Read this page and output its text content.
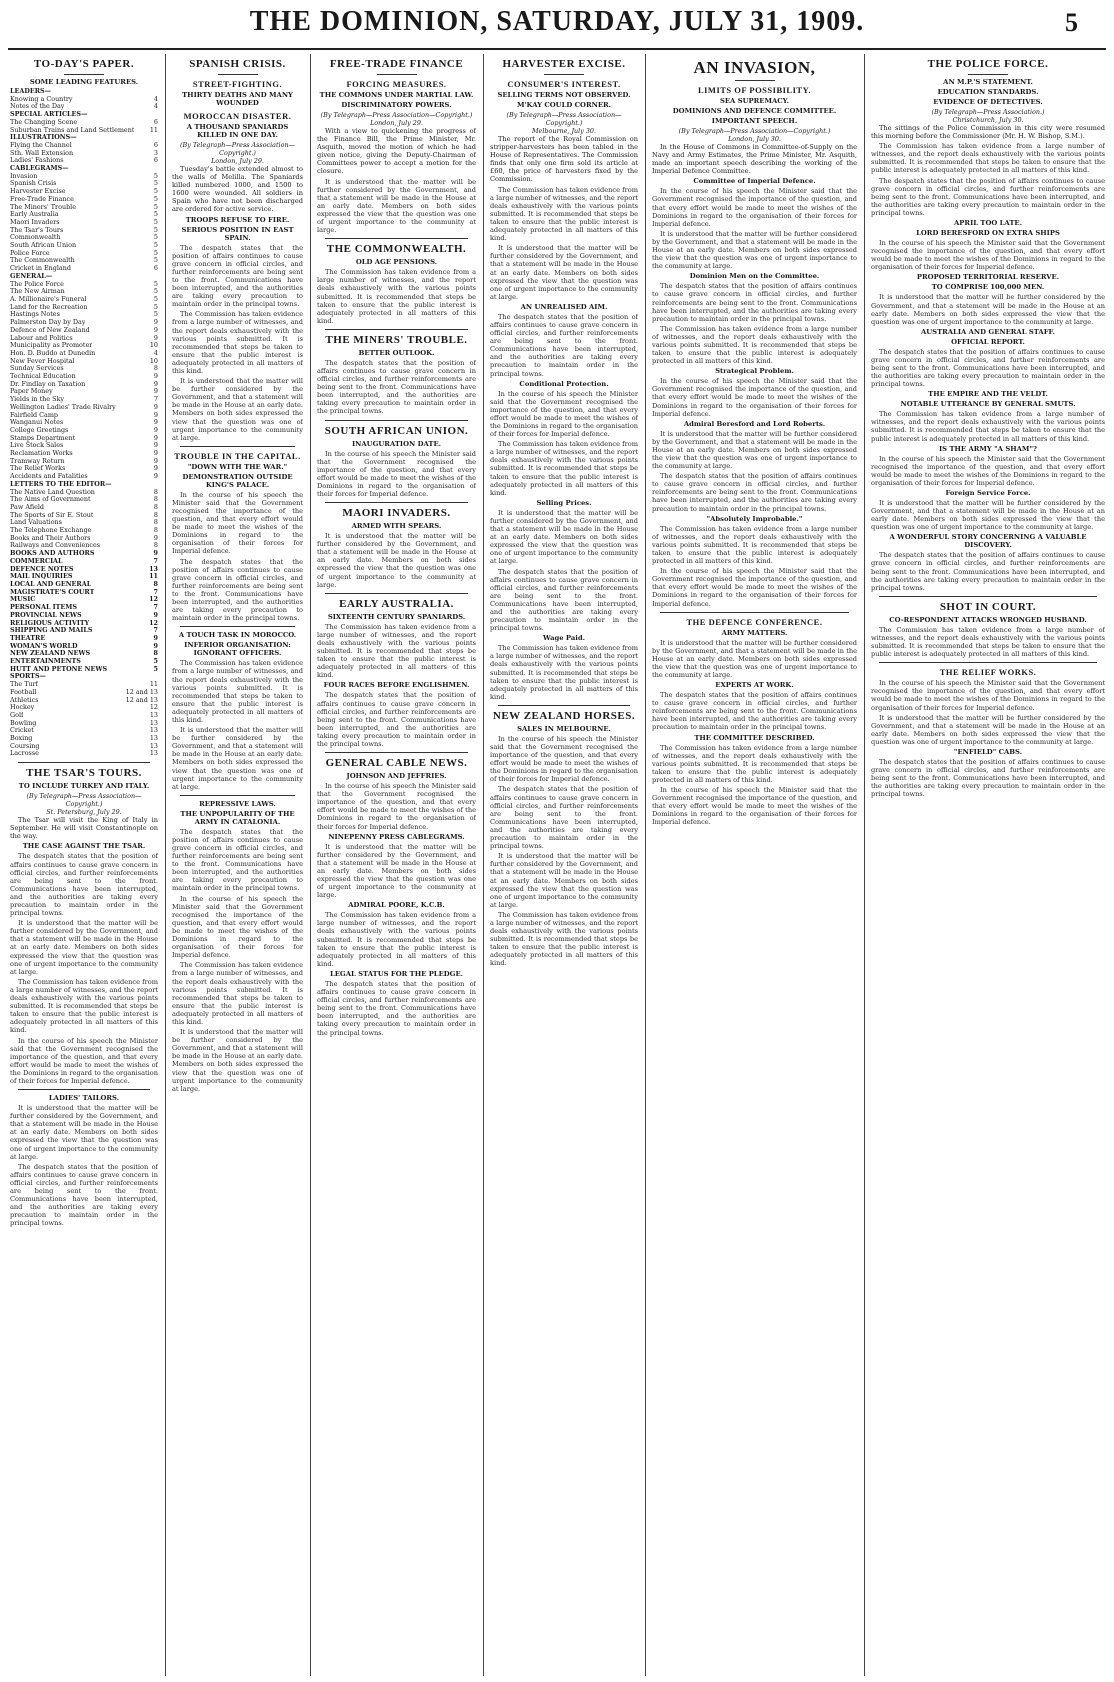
THE DOMINION, SATURDAY, JULY 31, 1909.	5
TO-DAY'S PAPER.
SOME LEADING FEATURES.
LEADERS—
Knowing a Country	4
Notes of the Day	4
SPECIAL ARTICLES—
The Changing Scene	6
Suburban Trains and Land Settlement 11
ILLUSTRATIONS—
Flying the Channel	6
Sth. Wall Extension	3
Ladies' Fashions	6
CABLEGRAMS—
Invasion	5
Spanish Crisis	5
Harvester Excise	5
Free-Trade Finance	5
The Miners' Trouble	5
Early Australia	5
Maori Invaders	5
The Tsar's Tours	5
Commonwealth	5
South African Union	5
Police Force	5
The Commonwealth	5
Cricket in England	6
GENERAL—
The Police Force	5
The New Airman	5
A. Millionaire's Funeral	5
Land for the Recreation	5
Hastings Notes	5
Palmerston Day by Day	9
Defence of New Zealand	9
Labour and Politics	9
Municipality as Promoter	10
Hon. D. Buddo at Dunedin	4
New Fever Hospital	10
Sunday Services	8
Technical Education	9
Dr. Findlay on Taxation	9
Paper Money	9
Yields in the Sky	7
Wellington Ladies' Trade Rivalry	9
Fairfield Camp	9
Wanganui Notes	9
College Greetings	9
Stamps Department	9
Live Stock Sales	9
Reclamation Works	9
Tramway Return	9
The Relief Works	9
Accidents and Fatalities	9
LETTERS TO THE EDITOR—
The Native Land Question	8
The Aims of Government	8
Paw Afield	8
The Sports of Sir E. Stout	8
Land Valuations	8
The Telephone Exchange	8
Books and Their Authors	9
Railways and Conveniences	8
BOOKS AND AUTHORS	9
COMMERCIAL	7
DEFENCE NOTES	13
MAIL INQUIRIES	11
LOCAL AND GENERAL	8
MAGISTRATE'S COURT	7
MUSIC	12
PERSONAL ITEMS	7
PROVINCIAL NEWS	9
RELIGIOUS ACTIVITY	12
SHIPPING AND MAILS	7
THEATRE	9
WOMAN'S WORLD	9
NEW ZEALAND NEWS	8
ENTERTAINMENTS	5
HUTT AND PETONE NEWS	5
SPORTS—
The Turf	11
Football	12 and 13
Athletics	12 and 13
Hockey	12
Golf	13
Bowling	13
Cricket	13
Boxing	13
Coursing	13
Lacrosse	13
THE TSAR'S TOURS.
TO INCLUDE TURKEY AND ITALY.
(By Telegraph—Press Association—Copyright.)
St. Petersburg, July 29.

The Tsar will visit the King of Italy in September. He will visit Constantinople on the way.

THE CASE AGAINST THE TSAR.

The despatch states that the position of affairs continues to cause grave concern in official circles, and further reinforcements are being sent to the front. Communications have been interrupted, and the authorities are taking every precaution to maintain order in the principal towns.

It is understood that the matter will be further considered by the Government, and that a statement will be made in the House at an early date. Members on both sides expressed the view that the question was one of urgent importance to the community at large.

The Commission has taken evidence from a large number of witnesses, and the report deals exhaustively with the various points submitted. It is recommended that steps be taken to ensure that the public interest is adequately protected in all matters of this kind.

In the course of his speech the Minister said that the Government recognised the importance of the question, and that every effort would be made to meet the wishes of the Dominions in regard to the organisation of their forces for Imperial defence.

LADIES' TAILORS.

It is understood that the matter will be further considered by the Government, and that a statement will be made in the House at an early date. Members on both sides expressed the view that the question was one of urgent importance to the community at large.

The despatch states that the position of affairs continues to cause grave concern in official circles, and further reinforcements are being sent to the front. Communications have been interrupted, and the authorities are taking every precaution to maintain order in the principal towns.

SPANISH CRISIS.
STREET-FIGHTING.
THIRTY DEATHS AND MANY WOUNDED
MOROCCAN DISASTER.
A THOUSAND SPANIARDS KILLED IN ONE DAY.
(By Telegraph—Press Association—Copyright.)
London, July 29.

Tuesday's battle extended almost to the walls of Melilla. The Spaniards killed numbered 1000, and 1500 to 1600 were wounded. All soldiers in Spain who have not been discharged are ordered for active service.

TROOPS REFUSE TO FIRE.
SERIOUS POSITION IN EAST SPAIN.

The despatch states that the position of affairs continues to cause grave concern in official circles, and further reinforcements are being sent to the front. Communications have been interrupted, and the authorities are taking every precaution to maintain order in the principal towns.

The Commission has taken evidence from a large number of witnesses, and the report deals exhaustively with the various points submitted. It is recommended that steps be taken to ensure that the public interest is adequately protected in all matters of this kind.

It is understood that the matter will be further considered by the Government, and that a statement will be made in the House at an early date. Members on both sides expressed the view that the question was one of urgent importance to the community at large.

TROUBLE IN THE CAPITAL.
"DOWN WITH THE WAR."
DEMONSTRATION OUTSIDE KING'S PALACE.

In the course of his speech the Minister said that the Government recognised the importance of the question, and that every effort would be made to meet the wishes of the Dominions in regard to the organisation of their forces for Imperial defence.

The despatch states that the position of affairs continues to cause grave concern in official circles, and further reinforcements are being sent to the front. Communications have been interrupted, and the authorities are taking every precaution to maintain order in the principal towns.

A TOUCH TASK IN MOROCCO.
INFERIOR ORGANISATION: IGNORANT OFFICERS.

The Commission has taken evidence from a large number of witnesses, and the report deals exhaustively with the various points submitted. It is recommended that steps be taken to ensure that the public interest is adequately protected in all matters of this kind.

It is understood that the matter will be further considered by the Government, and that a statement will be made in the House at an early date. Members on both sides expressed the view that the question was one of urgent importance to the community at large.

REPRESSIVE LAWS.
THE UNPOPULARITY OF THE ARMY IN CATALONIA.

The despatch states that the position of affairs continues to cause grave concern in official circles, and further reinforcements are being sent to the front. Communications have been interrupted, and the authorities are taking every precaution to maintain order in the principal towns.

In the course of his speech the Minister said that the Government recognised the importance of the question, and that every effort would be made to meet the wishes of the Dominions in regard to the organisation of their forces for Imperial defence.

The Commission has taken evidence from a large number of witnesses, and the report deals exhaustively with the various points submitted. It is recommended that steps be taken to ensure that the public interest is adequately protected in all matters of this kind.

It is understood that the matter will be further considered by the Government, and that a statement will be made in the House at an early date. Members on both sides expressed the view that the question was one of urgent importance to the community at large.

FREE-TRADE FINANCE
FORCING MEASURES.
THE COMMONS UNDER MARTIAL LAW.
DISCRIMINATORY POWERS.
(By Telegraph—Press Association—Copyright.)
London, July 29.

With a view to quickening the progress of the Finance Bill, the Prime Minister, Mr. Asquith, moved the motion of which he had given notice, giving the Deputy-Chairman of Committees power to accept a motion for the closure.

It is understood that the matter will be further considered by the Government, and that a statement will be made in the House at an early date. Members on both sides expressed the view that the question was one of urgent importance to the community at large.

THE COMMONWEALTH.
OLD AGE PENSIONS.

The Commission has taken evidence from a large number of witnesses, and the report deals exhaustively with the various points submitted. It is recommended that steps be taken to ensure that the public interest is adequately protected in all matters of this kind.

THE MINERS' TROUBLE.
BETTER OUTLOOK.

The despatch states that the position of affairs continues to cause grave concern in official circles, and further reinforcements are being sent to the front. Communications have been interrupted, and the authorities are taking every precaution to maintain order in the principal towns.

SOUTH AFRICAN UNION.
INAUGURATION DATE.

In the course of his speech the Minister said that the Government recognised the importance of the question, and that every effort would be made to meet the wishes of the Dominions in regard to the organisation of their forces for Imperial defence.

MAORI INVADERS.
ARMED WITH SPEARS.

It is understood that the matter will be further considered by the Government, and that a statement will be made in the House at an early date. Members on both sides expressed the view that the question was one of urgent importance to the community at large.

EARLY AUSTRALIA.
SIXTEENTH CENTURY SPANIARDS.

The Commission has taken evidence from a large number of witnesses, and the report deals exhaustively with the various points submitted. It is recommended that steps be taken to ensure that the public interest is adequately protected in all matters of this kind.

FOUR RACES BEFORE ENGLISHMEN.

The despatch states that the position of affairs continues to cause grave concern in official circles, and further reinforcements are being sent to the front. Communications have been interrupted, and the authorities are taking every precaution to maintain order in the principal towns.

GENERAL CABLE NEWS.
JOHNSON AND JEFFRIES.

In the course of his speech the Minister said that the Government recognised the importance of the question, and that every effort would be made to meet the wishes of the Dominions in regard to the organisation of their forces for Imperial defence.

NINEPENNY PRESS CABLEGRAMS.

It is understood that the matter will be further considered by the Government, and that a statement will be made in the House at an early date. Members on both sides expressed the view that the question was one of urgent importance to the community at large.

ADMIRAL POORE, K.C.B.

The Commission has taken evidence from a large number of witnesses, and the report deals exhaustively with the various points submitted. It is recommended that steps be taken to ensure that the public interest is adequately protected in all matters of this kind.

LEGAL STATUS FOR THE PLEDGE.

The despatch states that the position of affairs continues to cause grave concern in official circles, and further reinforcements are being sent to the front. Communications have been interrupted, and the authorities are taking every precaution to maintain order in the principal towns.

HARVESTER EXCISE.
CONSUMER'S INTEREST.
SELLING TERMS NOT OBSERVED.
M'KAY COULD CORNER.
(By Telegraph—Press Association—Copyright.)
Melbourne, July 30.

The report of the Royal Commission on stripper-harvesters has been tabled in the House of Representatives. The Commission finds that only one firm sold its article at £60, the price of harvesters fixed by the Commission.

The Commission has taken evidence from a large number of witnesses, and the report deals exhaustively with the various points submitted. It is recommended that steps be taken to ensure that the public interest is adequately protected in all matters of this kind.

It is understood that the matter will be further considered by the Government, and that a statement will be made in the House at an early date. Members on both sides expressed the view that the question was one of urgent importance to the community at large.

AN UNREALISED AIM.

The despatch states that the position of affairs continues to cause grave concern in official circles, and further reinforcements are being sent to the front. Communications have been interrupted, and the authorities are taking every precaution to maintain order in the principal towns.

Conditional Protection.

In the course of his speech the Minister said that the Government recognised the importance of the question, and that every effort would be made to meet the wishes of the Dominions in regard to the organisation of their forces for Imperial defence.

The Commission has taken evidence from a large number of witnesses, and the report deals exhaustively with the various points submitted. It is recommended that steps be taken to ensure that the public interest is adequately protected in all matters of this kind.

Selling Prices.

It is understood that the matter will be further considered by the Government, and that a statement will be made in the House at an early date. Members on both sides expressed the view that the question was one of urgent importance to the community at large.

The despatch states that the position of affairs continues to cause grave concern in official circles, and further reinforcements are being sent to the front. Communications have been interrupted, and the authorities are taking every precaution to maintain order in the principal towns.

Wage Paid.

The Commission has taken evidence from a large number of witnesses, and the report deals exhaustively with the various points submitted. It is recommended that steps be taken to ensure that the public interest is adequately protected in all matters of this kind.

NEW ZEALAND HORSES.
SALES IN MELBOURNE.

In the course of his speech the Minister said that the Government recognised the importance of the question, and that every effort would be made to meet the wishes of the Dominions in regard to the organisation of their forces for Imperial defence.

The despatch states that the position of affairs continues to cause grave concern in official circles, and further reinforcements are being sent to the front. Communications have been interrupted, and the authorities are taking every precaution to maintain order in the principal towns.

It is understood that the matter will be further considered by the Government, and that a statement will be made in the House at an early date. Members on both sides expressed the view that the question was one of urgent importance to the community at large.

The Commission has taken evidence from a large number of witnesses, and the report deals exhaustively with the various points submitted. It is recommended that steps be taken to ensure that the public interest is adequately protected in all matters of this kind.

AN INVASION,
LIMITS OF POSSIBILITY.
SEA SUPREMACY.
DOMINIONS AND DEFENCE COMMITTEE.
IMPORTANT SPEECH.
(By Telegraph—Press Association—Copyright.)
London, July 30.

In the House of Commons in Committee-of-Supply on the Navy and Army Estimates, the Prime Minister, Mr. Asquith, made an important speech describing the working of the Imperial Defence Committee.

Committee of Imperial Defence.

In the course of his speech the Minister said that the Government recognised the importance of the question, and that every effort would be made to meet the wishes of the Dominions in regard to the organisation of their forces for Imperial defence.

It is understood that the matter will be further considered by the Government, and that a statement will be made in the House at an early date. Members on both sides expressed the view that the question was one of urgent importance to the community at large.

Dominion Men on the Committee.

The despatch states that the position of affairs continues to cause grave concern in official circles, and further reinforcements are being sent to the front. Communications have been interrupted, and the authorities are taking every precaution to maintain order in the principal towns.

The Commission has taken evidence from a large number of witnesses, and the report deals exhaustively with the various points submitted. It is recommended that steps be taken to ensure that the public interest is adequately protected in all matters of this kind.

Strategical Problem.

In the course of his speech the Minister said that the Government recognised the importance of the question, and that every effort would be made to meet the wishes of the Dominions in regard to the organisation of their forces for Imperial defence.

Admiral Beresford and Lord Roberts.

It is understood that the matter will be further considered by the Government, and that a statement will be made in the House at an early date. Members on both sides expressed the view that the question was one of urgent importance to the community at large.

The despatch states that the position of affairs continues to cause grave concern in official circles, and further reinforcements are being sent to the front. Communications have been interrupted, and the authorities are taking every precaution to maintain order in the principal towns.

"Absolutely Improbable."

The Commission has taken evidence from a large number of witnesses, and the report deals exhaustively with the various points submitted. It is recommended that steps be taken to ensure that the public interest is adequately protected in all matters of this kind.

In the course of his speech the Minister said that the Government recognised the importance of the question, and that every effort would be made to meet the wishes of the Dominions in regard to the organisation of their forces for Imperial defence.

THE DEFENCE CONFERENCE.
ARMY MATTERS.

It is understood that the matter will be further considered by the Government, and that a statement will be made in the House at an early date. Members on both sides expressed the view that the question was one of urgent importance to the community at large.

EXPERTS AT WORK.

The despatch states that the position of affairs continues to cause grave concern in official circles, and further reinforcements are being sent to the front. Communications have been interrupted, and the authorities are taking every precaution to maintain order in the principal towns.

THE COMMITTEE DESCRIBED.

The Commission has taken evidence from a large number of witnesses, and the report deals exhaustively with the various points submitted. It is recommended that steps be taken to ensure that the public interest is adequately protected in all matters of this kind.

In the course of his speech the Minister said that the Government recognised the importance of the question, and that every effort would be made to meet the wishes of the Dominions in regard to the organisation of their forces for Imperial defence.

THE POLICE FORCE.
AN M.P.'S STATEMENT.
EDUCATION STANDARDS.
EVIDENCE OF DETECTIVES.
(By Telegraph—Press Association.)
Christchurch, July 30.

The sittings of the Police Commission in this city were resumed this morning before the Commissioner (Mr. H. W. Bishop, S.M.).

The Commission has taken evidence from a large number of witnesses, and the report deals exhaustively with the various points submitted. It is recommended that steps be taken to ensure that the public interest is adequately protected in all matters of this kind.

The despatch states that the position of affairs continues to cause grave concern in official circles, and further reinforcements are being sent to the front. Communications have been interrupted, and the authorities are taking every precaution to maintain order in the principal towns.

APRIL TOO LATE.
LORD BERESFORD ON EXTRA SHIPS

In the course of his speech the Minister said that the Government recognised the importance of the question, and that every effort would be made to meet the wishes of the Dominions in regard to the organisation of their forces for Imperial defence.

PROPOSED TERRITORIAL RESERVE.
TO COMPRISE 100,000 MEN.

It is understood that the matter will be further considered by the Government, and that a statement will be made in the House at an early date. Members on both sides expressed the view that the question was one of urgent importance to the community at large.

AUSTRALIA AND GENERAL STAFF.
OFFICIAL REPORT.

The despatch states that the position of affairs continues to cause grave concern in official circles, and further reinforcements are being sent to the front. Communications have been interrupted, and the authorities are taking every precaution to maintain order in the principal towns.

THE EMPIRE AND THE VELDT.
NOTABLE UTTERANCE BY GENERAL SMUTS.

The Commission has taken evidence from a large number of witnesses, and the report deals exhaustively with the various points submitted. It is recommended that steps be taken to ensure that the public interest is adequately protected in all matters of this kind.

IS THE ARMY "A SHAM"?

In the course of his speech the Minister said that the Government recognised the importance of the question, and that every effort would be made to meet the wishes of the Dominions in regard to the organisation of their forces for Imperial defence.

Foreign Service Force.

It is understood that the matter will be further considered by the Government, and that a statement will be made in the House at an early date. Members on both sides expressed the view that the question was one of urgent importance to the community at large.

A WONDERFUL STORY CONCERNING A VALUABLE DISCOVERY.

The despatch states that the position of affairs continues to cause grave concern in official circles, and further reinforcements are being sent to the front. Communications have been interrupted, and the authorities are taking every precaution to maintain order in the principal towns.

SHOT IN COURT.
CO-RESPONDENT ATTACKS WRONGED HUSBAND.

The Commission has taken evidence from a large number of witnesses, and the report deals exhaustively with the various points submitted. It is recommended that steps be taken to ensure that the public interest is adequately protected in all matters of this kind.

THE RELIEF WORKS.

In the course of his speech the Minister said that the Government recognised the importance of the question, and that every effort would be made to meet the wishes of the Dominions in regard to the organisation of their forces for Imperial defence.

It is understood that the matter will be further considered by the Government, and that a statement will be made in the House at an early date. Members on both sides expressed the view that the question was one of urgent importance to the community at large.

"ENFIELD" CABS.

The despatch states that the position of affairs continues to cause grave concern in official circles, and further reinforcements are being sent to the front. Communications have been interrupted, and the authorities are taking every precaution to maintain order in the principal towns.
